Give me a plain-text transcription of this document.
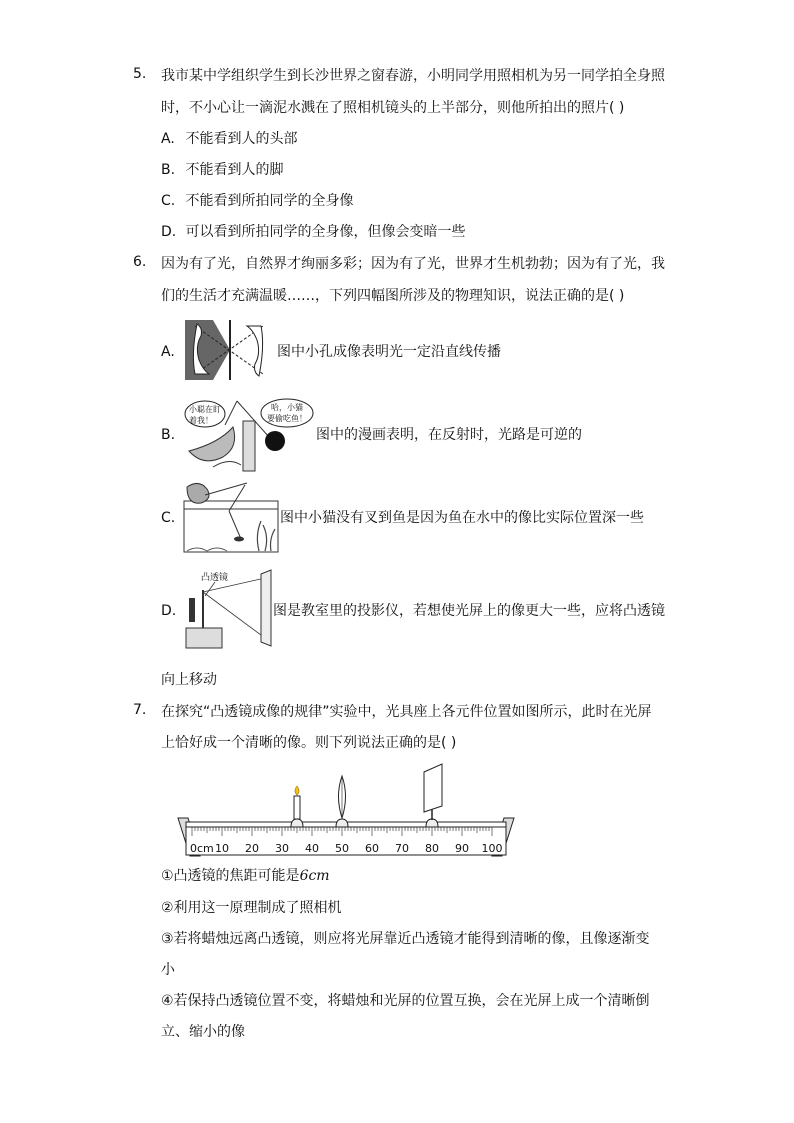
5.	我市某中学组织学生到长沙世界之窗春游，小明同学用照相机为另一同学拍全身照
时，不小心让一滴泥水溅在了照相机镜头的上半部分，则他所拍出的照片( )
A. 不能看到人的头部
B. 不能看到人的脚
C. 不能看到所拍同学的全身像
D. 可以看到所拍同学的全身像，但像会变暗一些
6.	因为有了光，自然界才绚丽多彩；因为有了光，世界才生机勃勃；因为有了光，我
们的生活才充满温暖……，下列四幅图所涉及的物理知识，说法正确的是( )
A.	图中小孔成像表明光一定沿直线传播
B.
小聪在盯
着我！
哈，小猫
要偷吃鱼！
图中的漫画表明，在反射时，光路是可逆的
C.	图中小猫没有叉到鱼是因为鱼在水中的像比实际位置深一些
D.
凸透镜
图是教室里的投影仪，若想使光屏上的像更大一些，应将凸透镜
向上移动
7.	在探究“凸透镜成像的规律”实验中，光具座上各元件位置如图所示，此时在光屏
上恰好成一个清晰的像。则下列说法正确的是( )
0cm 10 20 30 40 50 60 70 80 90 100
①凸透镜的焦距可能是6cm
②利用这一原理制成了照相机
③若将蜡烛远离凸透镜，则应将光屏靠近凸透镜才能得到清晰的像，且像逐渐变
小
④若保持凸透镜位置不变，将蜡烛和光屏的位置互换，会在光屏上成一个清晰倒
立、缩小的像
